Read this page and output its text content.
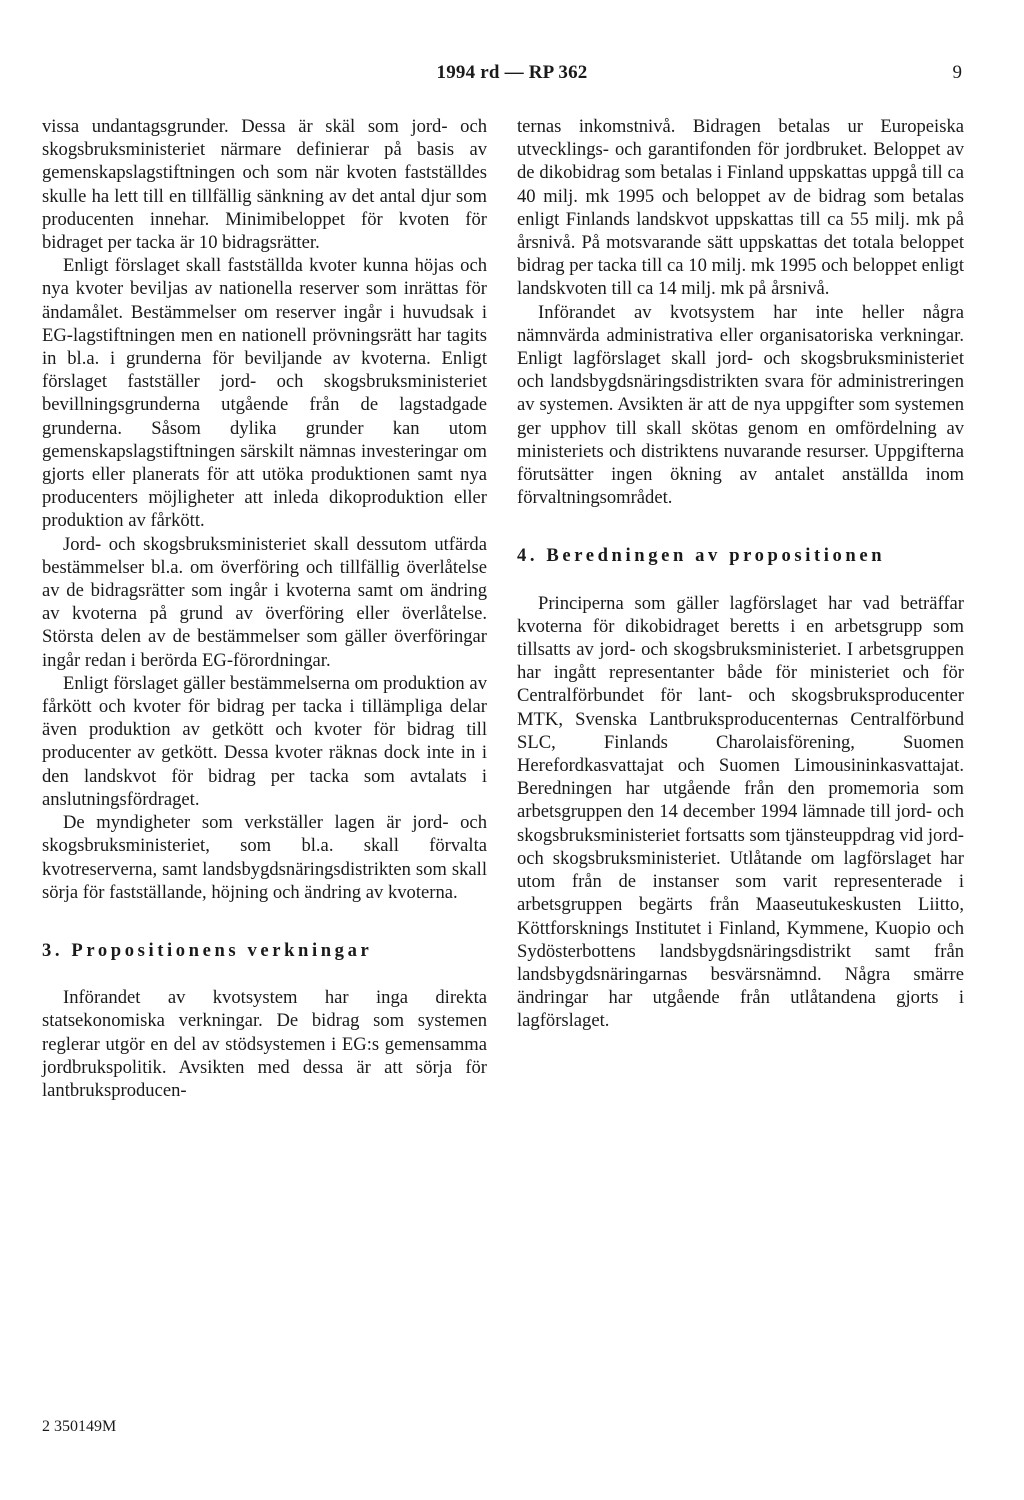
1994 rd — RP 362	9

vissa undantagsgrunder. Dessa är skäl som jord- och skogsbruksministeriet närmare definierar på basis av gemenskapslagstiftningen och som när kvoten fastställdes skulle ha lett till en tillfällig sänkning av det antal djur som producenten innehar. Minimibeloppet för kvoten för bidraget per tacka är 10 bidragsrätter.

Enligt förslaget skall fastställda kvoter kunna höjas och nya kvoter beviljas av nationella reserver som inrättas för ändamålet. Bestämmelser om reserver ingår i huvudsak i EG-lagstiftningen men en nationell prövningsrätt har tagits in bl.a. i grunderna för beviljande av kvoterna. Enligt förslaget fastställer jord- och skogsbruksministeriet bevillningsgrunderna utgående från de lagstadgade grunderna. Såsom dylika grunder kan utom gemenskapslagstiftningen särskilt nämnas investeringar om gjorts eller planerats för att utöka produktionen samt nya producenters möjligheter att inleda dikoproduktion eller produktion av fårkött.

Jord- och skogsbruksministeriet skall dessutom utfärda bestämmelser bl.a. om överföring och tillfällig överlåtelse av de bidragsrätter som ingår i kvoterna samt om ändring av kvoterna på grund av överföring eller överlåtelse. Största delen av de bestämmelser som gäller överföringar ingår redan i berörda EG-förordningar.

Enligt förslaget gäller bestämmelserna om produktion av fårkött och kvoter för bidrag per tacka i tillämpliga delar även produktion av getkött och kvoter för bidrag till producenter av getkött. Dessa kvoter räknas dock inte in i den landskvot för bidrag per tacka som avtalats i anslutningsfördraget.

De myndigheter som verkställer lagen är jord- och skogsbruksministeriet, som bl.a. skall förvalta kvotreserverna, samt landsbygdsnäringsdistrikten som skall sörja för fastställande, höjning och ändring av kvoterna.

3. Propositionens verkningar

Införandet av kvotsystem har inga direkta statsekonomiska verkningar. De bidrag som systemen reglerar utgör en del av stödsystemen i EG:s gemensamma jordbrukspolitik. Avsikten med dessa är att sörja för lantbruksproducen-

ternas inkomstnivå. Bidragen betalas ur Europeiska utvecklings- och garantifonden för jordbruket. Beloppet av de dikobidrag som betalas i Finland uppskattas uppgå till ca 40 milj. mk 1995 och beloppet av de bidrag som betalas enligt Finlands landskvot uppskattas till ca 55 milj. mk på årsnivå. På motsvarande sätt uppskattas det totala beloppet bidrag per tacka till ca 10 milj. mk 1995 och beloppet enligt landskvoten till ca 14 milj. mk på årsnivå.

Införandet av kvotsystem har inte heller några nämnvärda administrativa eller organisatoriska verkningar. Enligt lagförslaget skall jord- och skogsbruksministeriet och landsbygdsnäringsdistrikten svara för administreringen av systemen. Avsikten är att de nya uppgifter som systemen ger upphov till skall skötas genom en omfördelning av ministeriets och distriktens nuvarande resurser. Uppgifterna förutsätter ingen ökning av antalet anställda inom förvaltningsområdet.

4. Beredningen av propositionen

Principerna som gäller lagförslaget har vad beträffar kvoterna för dikobidraget beretts i en arbetsgrupp som tillsatts av jord- och skogsbruksministeriet. I arbetsgruppen har ingått representanter både för ministeriet och för Centralförbundet för lant- och skogsbruksproducenter MTK, Svenska Lantbruksproducenternas Centralförbund SLC, Finlands Charolaisförening, Suomen Herefordkasvattajat och Suomen Limousininkasvattajat. Beredningen har utgående från den promemoria som arbetsgruppen den 14 december 1994 lämnade till jord- och skogsbruksministeriet fortsatts som tjänsteuppdrag vid jord- och skogsbruksministeriet. Utlåtande om lagförslaget har utom från de instanser som varit representerade i arbetsgruppen begärts från Maaseutukeskusten Liitto, Köttforsknings Institutet i Finland, Kymmene, Kuopio och Sydösterbottens landsbygdsnäringsdistrikt samt från landsbygdsnäringarnas besvärsnämnd. Några smärre ändringar har utgående från utlåtandena gjorts i lagförslaget.

2 350149M
